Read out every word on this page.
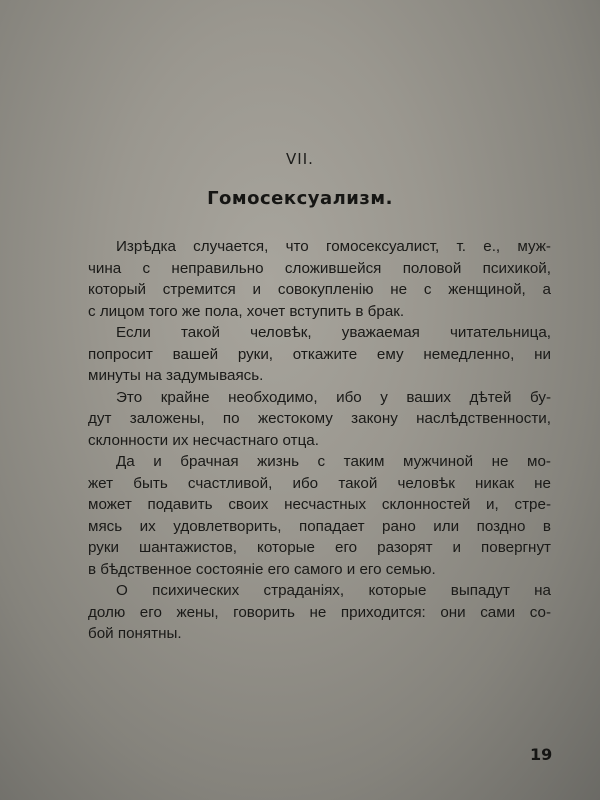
VII.
Гомосексуализм.
Изрѣдка случается, что гомосексуалист, т. е., муж-
чина с неправильно сложившейся половой психикой,
который стремится и совокупленію не с женщиной, а
с лицом того же пола, хочет вступить в брак.
Если такой человѣк, уважаемая читательница,
попросит вашей руки, откажите ему немедленно, ни
минуты на задумываясь.
Это крайне необходимо, ибо у ваших дѣтей бу-
дут заложены, по жестокому закону наслѣдственности,
склонности их несчастнаго отца.
Да и брачная жизнь с таким мужчиной не мо-
жет быть счастливой, ибо такой человѣк никак не
может подавить своих несчастных склонностей и, стре-
мясь их удовлетворить, попадает рано или поздно в
руки шантажистов, которые его разорят и повергнут
в бѣдственное состояніе его самого и его семью.
О психических страданіях, которые выпадут на
долю его жены, говорить не приходится: они сами со-
бой понятны.
19
